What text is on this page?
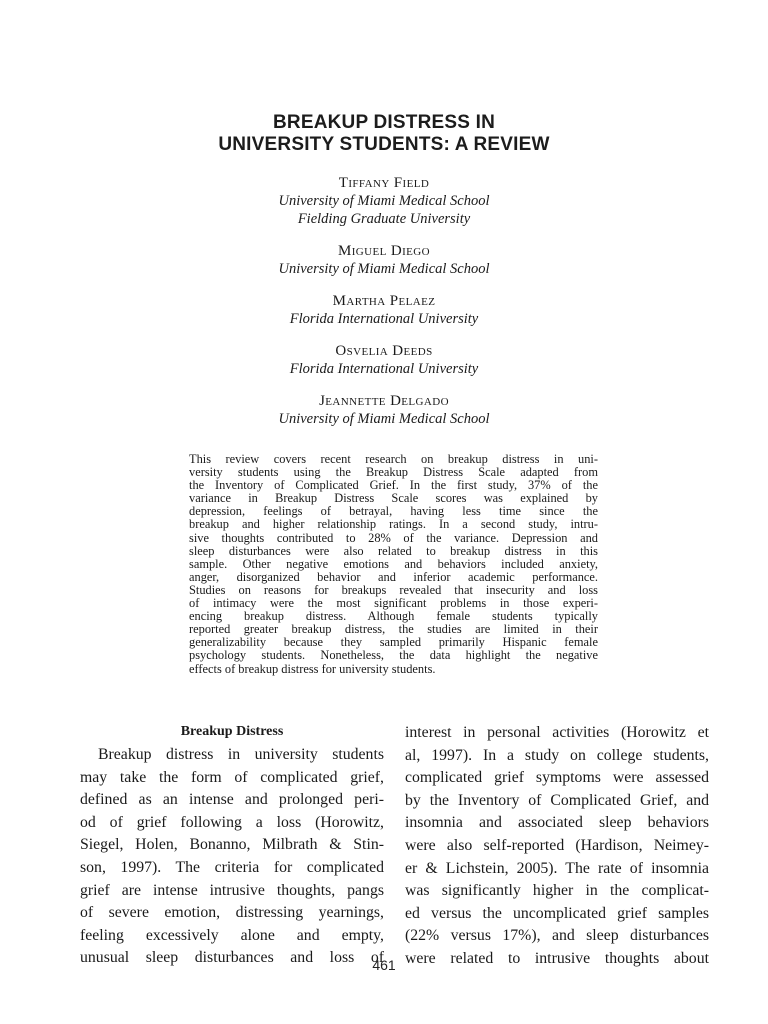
BREAKUP DISTRESS IN
UNIVERSITY STUDENTS: A REVIEW
Tiffany Field
University of Miami Medical School
Fielding Graduate University
Miguel Diego
University of Miami Medical School
Martha Pelaez
Florida International University
Osvelia Deeds
Florida International University
Jeannette Delgado
University of Miami Medical School
This review covers recent research on breakup distress in uni-
versity students using the Breakup Distress Scale adapted from
the Inventory of Complicated Grief. In the first study, 37% of the
variance in Breakup Distress Scale scores was explained by
depression, feelings of betrayal, having less time since the
breakup and higher relationship ratings. In a second study, intru-
sive thoughts contributed to 28% of the variance. Depression and
sleep disturbances were also related to breakup distress in this
sample. Other negative emotions and behaviors included anxiety,
anger, disorganized behavior and inferior academic performance.
Studies on reasons for breakups revealed that insecurity and loss
of intimacy were the most significant problems in those experi-
encing breakup distress. Although female students typically
reported greater breakup distress, the studies are limited in their
generalizability because they sampled primarily Hispanic female
psychology students. Nonetheless, the data highlight the negative
effects of breakup distress for university students.
Breakup Distress
Breakup distress in university students
may take the form of complicated grief,
defined as an intense and prolonged peri-
od of grief following a loss (Horowitz,
Siegel, Holen, Bonanno, Milbrath & Stin-
son, 1997). The criteria for complicated
grief are intense intrusive thoughts, pangs
of severe emotion, distressing yearnings,
feeling excessively alone and empty,
unusual sleep disturbances and loss of
interest in personal activities (Horowitz et
al, 1997). In a study on college students,
complicated grief symptoms were assessed
by the Inventory of Complicated Grief, and
insomnia and associated sleep behaviors
were also self-reported (Hardison, Neimey-
er & Lichstein, 2005). The rate of insomnia
was significantly higher in the complicat-
ed versus the uncomplicated grief samples
(22% versus 17%), and sleep disturbances
were related to intrusive thoughts about
461
